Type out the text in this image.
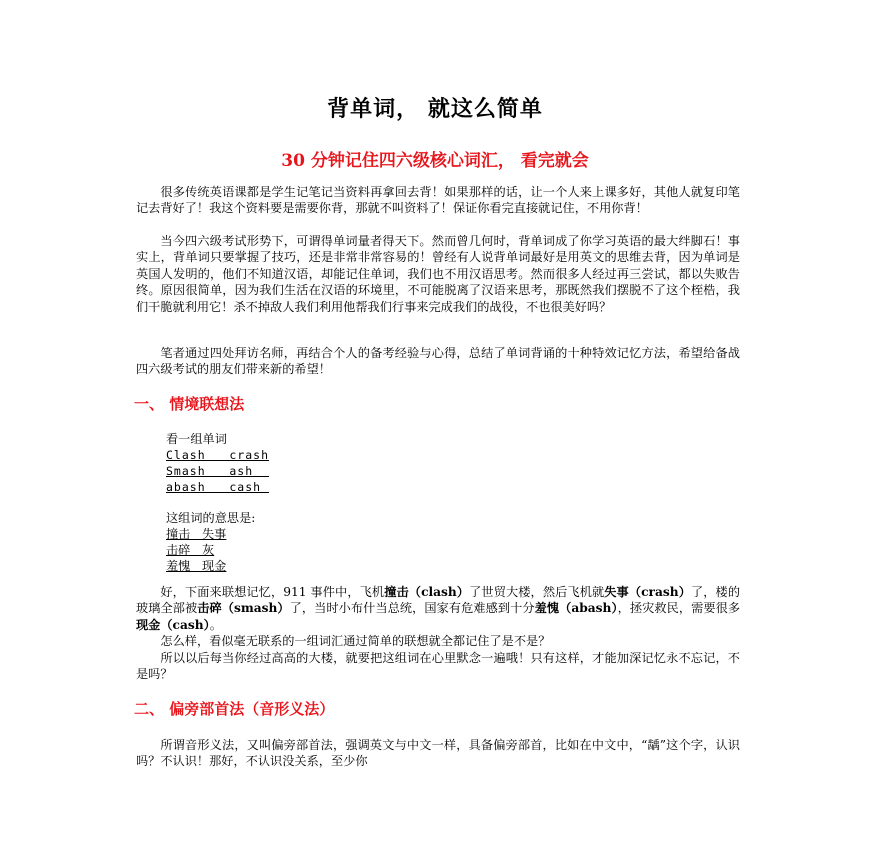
背单词， 就这么简单
30 分钟记住四六级核心词汇， 看完就会
很多传统英语课都是学生记笔记当资料再拿回去背！如果那样的话，让一个人来上课多好，其他人就复印笔记去背好了！我这个资料要是需要你背，那就不叫资料了！保证你看完直接就记住，不用你背！
当今四六级考试形势下，可谓得单词量者得天下。然而曾几何时，背单词成了你学习英语的最大绊脚石！事实上，背单词只要掌握了技巧，还是非常非常容易的！曾经有人说背单词最好是用英文的思维去背，因为单词是英国人发明的，他们不知道汉语，却能记住单词，我们也不用汉语思考。然而很多人经过再三尝试，都以失败告终。原因很简单，因为我们生活在汉语的环境里，不可能脱离了汉语来思考，那既然我们摆脱不了这个桎梏，我们干脆就利用它！杀不掉敌人我们利用他帮我们行事来完成我们的战役，不也很美好吗？
笔者通过四处拜访名师，再结合个人的备考经验与心得，总结了单词背诵的十种特效记忆方法，希望给备战四六级考试的朋友们带来新的希望！
一、 情境联想法
看一组单词
Clash   crash
Smash   ash
abash   cash
这组词的意思是:
撞击   失事
击碎   灰
羞愧   现金
好，下面来联想记忆，911 事件中，飞机撞击（clash）了世贸大楼，然后飞机就失事（crash）了，楼的玻璃全部被击碎（smash）了，当时小布什当总统，国家有危难感到十分羞愧（abash），拯灾救民，需要很多现金（cash）。
怎么样，看似毫无联系的一组词汇通过简单的联想就全都记住了是不是？
所以以后每当你经过高高的大楼，就要把这组词在心里默念一遍哦！只有这样，才能加深记忆永不忘记，不是吗？
二、 偏旁部首法（音形义法）
所谓音形义法，又叫偏旁部首法，强调英文与中文一样，具备偏旁部首，比如在中文中，“龋”这个字，认识吗？不认识！那好，不认识没关系，至少你
